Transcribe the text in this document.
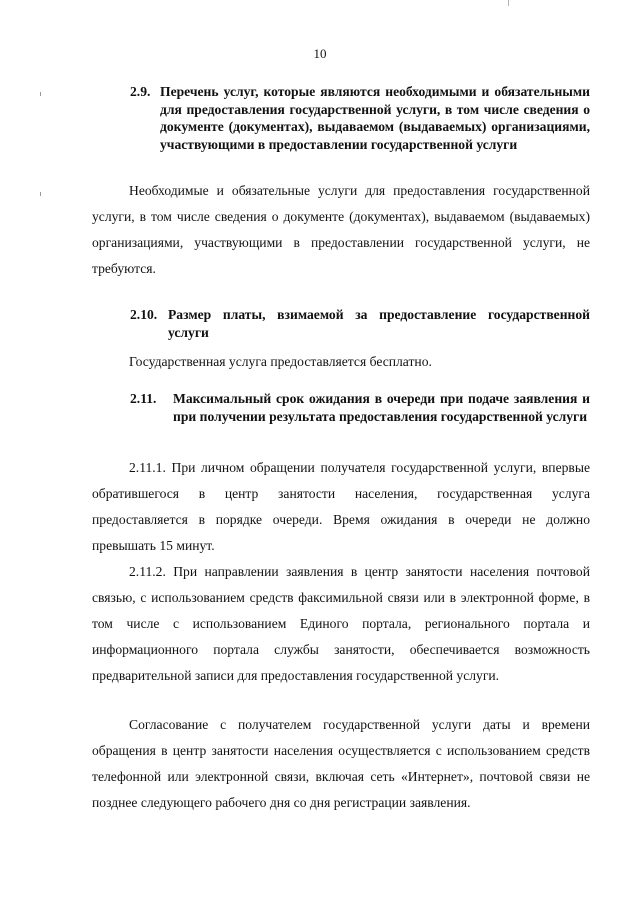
10
2.9. Перечень услуг, которые являются необходимыми и обязательными для предоставления государственной услуги, в том числе сведения о документе (документах), выдаваемом (выдаваемых) организациями, участвующими в предоставлении государственной услуги
Необходимые и обязательные услуги для предоставления государственной услуги, в том числе сведения о документе (документах), выдаваемом (выдаваемых) организациями, участвующими в предоставлении государственной услуги, не требуются.
2.10. Размер платы, взимаемой за предоставление государственной услуги
Государственная услуга предоставляется бесплатно.
2.11.	Максимальный срок ожидания в очереди при подаче заявления и при получении результата предоставления государственной услуги
2.11.1. При личном обращении получателя государственной услуги, впервые обратившегося в центр занятости населения, государственная услуга предоставляется в порядке очереди. Время ожидания в очереди не должно превышать 15 минут.
2.11.2. При направлении заявления в центр занятости населения почтовой связью, с использованием средств факсимильной связи или в электронной форме, в том числе с использованием Единого портала, регионального портала и информационного портала службы занятости, обеспечивается возможность предварительной записи для предоставления государственной услуги.
Согласование с получателем государственной услуги даты и времени обращения в центр занятости населения осуществляется с использованием средств телефонной или электронной связи, включая сеть «Интернет», почтовой связи не позднее следующего рабочего дня со дня регистрации заявления.
